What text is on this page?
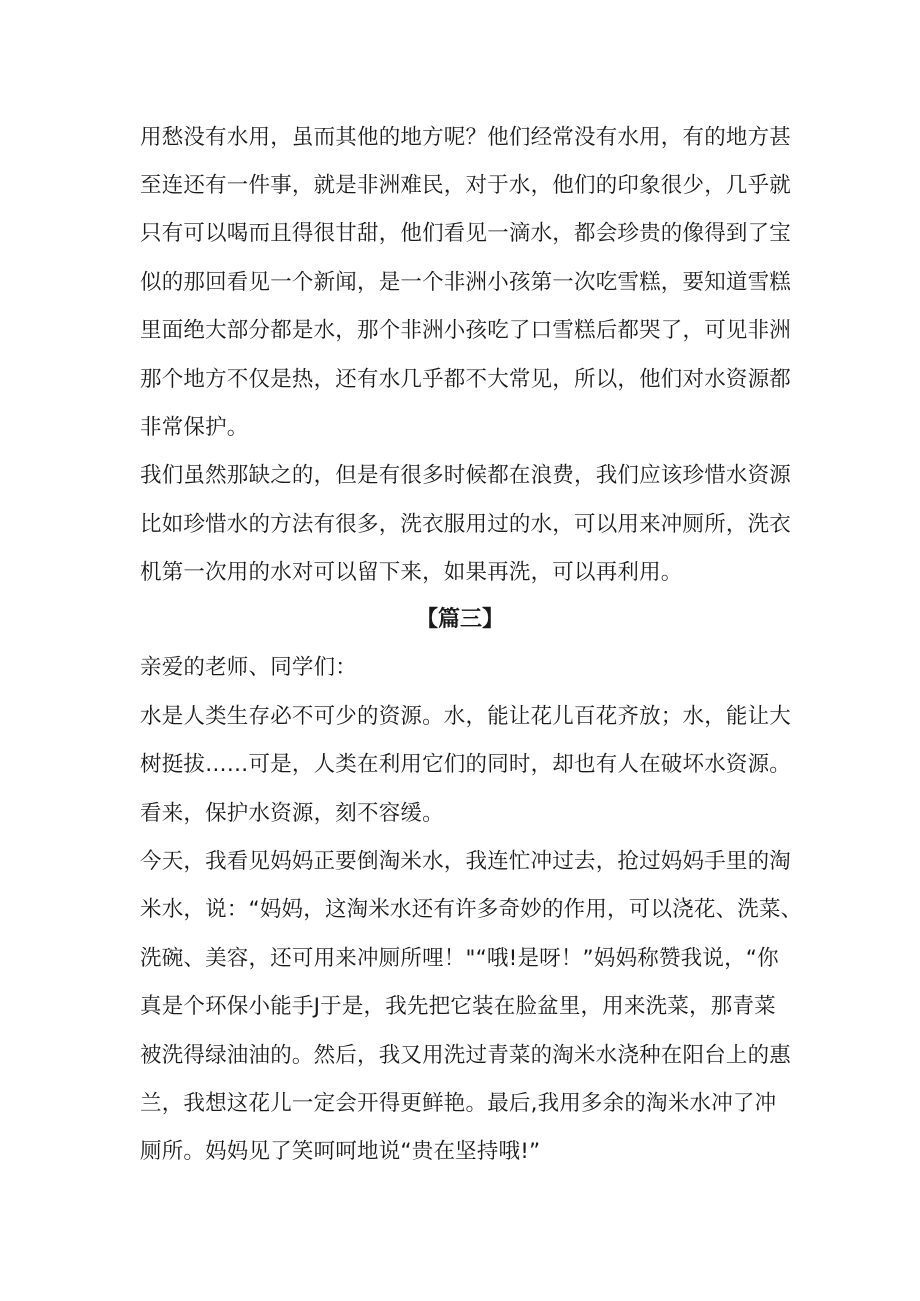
用愁没有水用，虽而其他的地方呢？他们经常没有水用，有的地方甚
至连还有一件事，就是非洲难民，对于水，他们的印象很少，几乎就
只有可以喝而且得很甘甜，他们看见一滴水，都会珍贵的像得到了宝
似的那回看见一个新闻，是一个非洲小孩第一次吃雪糕，要知道雪糕
里面绝大部分都是水，那个非洲小孩吃了口雪糕后都哭了，可见非洲
那个地方不仅是热，还有水几乎都不大常见，所以，他们对水资源都
非常保护。
我们虽然那缺之的，但是有很多时候都在浪费，我们应该珍惜水资源
比如珍惜水的方法有很多，洗衣服用过的水，可以用来冲厕所，洗衣
机第一次用的水对可以留下来，如果再洗，可以再利用。
【篇三】
亲爱的老师、同学们：
水是人类生存必不可少的资源。水，能让花儿百花齐放；水，能让大
树挺拔……可是，人类在利用它们的同时，却也有人在破坏水资源。
看来，保护水资源，刻不容缓。
今天，我看见妈妈正要倒淘米水，我连忙冲过去，抢过妈妈手里的淘
米水，说：“妈妈，这淘米水还有许多奇妙的作用，可以浇花、洗菜、
洗碗、美容，还可用来冲厕所哩！"“哦!是呀！”妈妈称赞我说，“你
真是个环保小能手J于是，我先把它装在脸盆里，用来洗菜，那青菜
被洗得绿油油的。然后，我又用洗过青菜的淘米水浇种在阳台上的惠
兰，我想这花儿一定会开得更鲜艳。最后,我用多余的淘米水冲了冲
厕所。妈妈见了笑呵呵地说“贵在坚持哦!”
